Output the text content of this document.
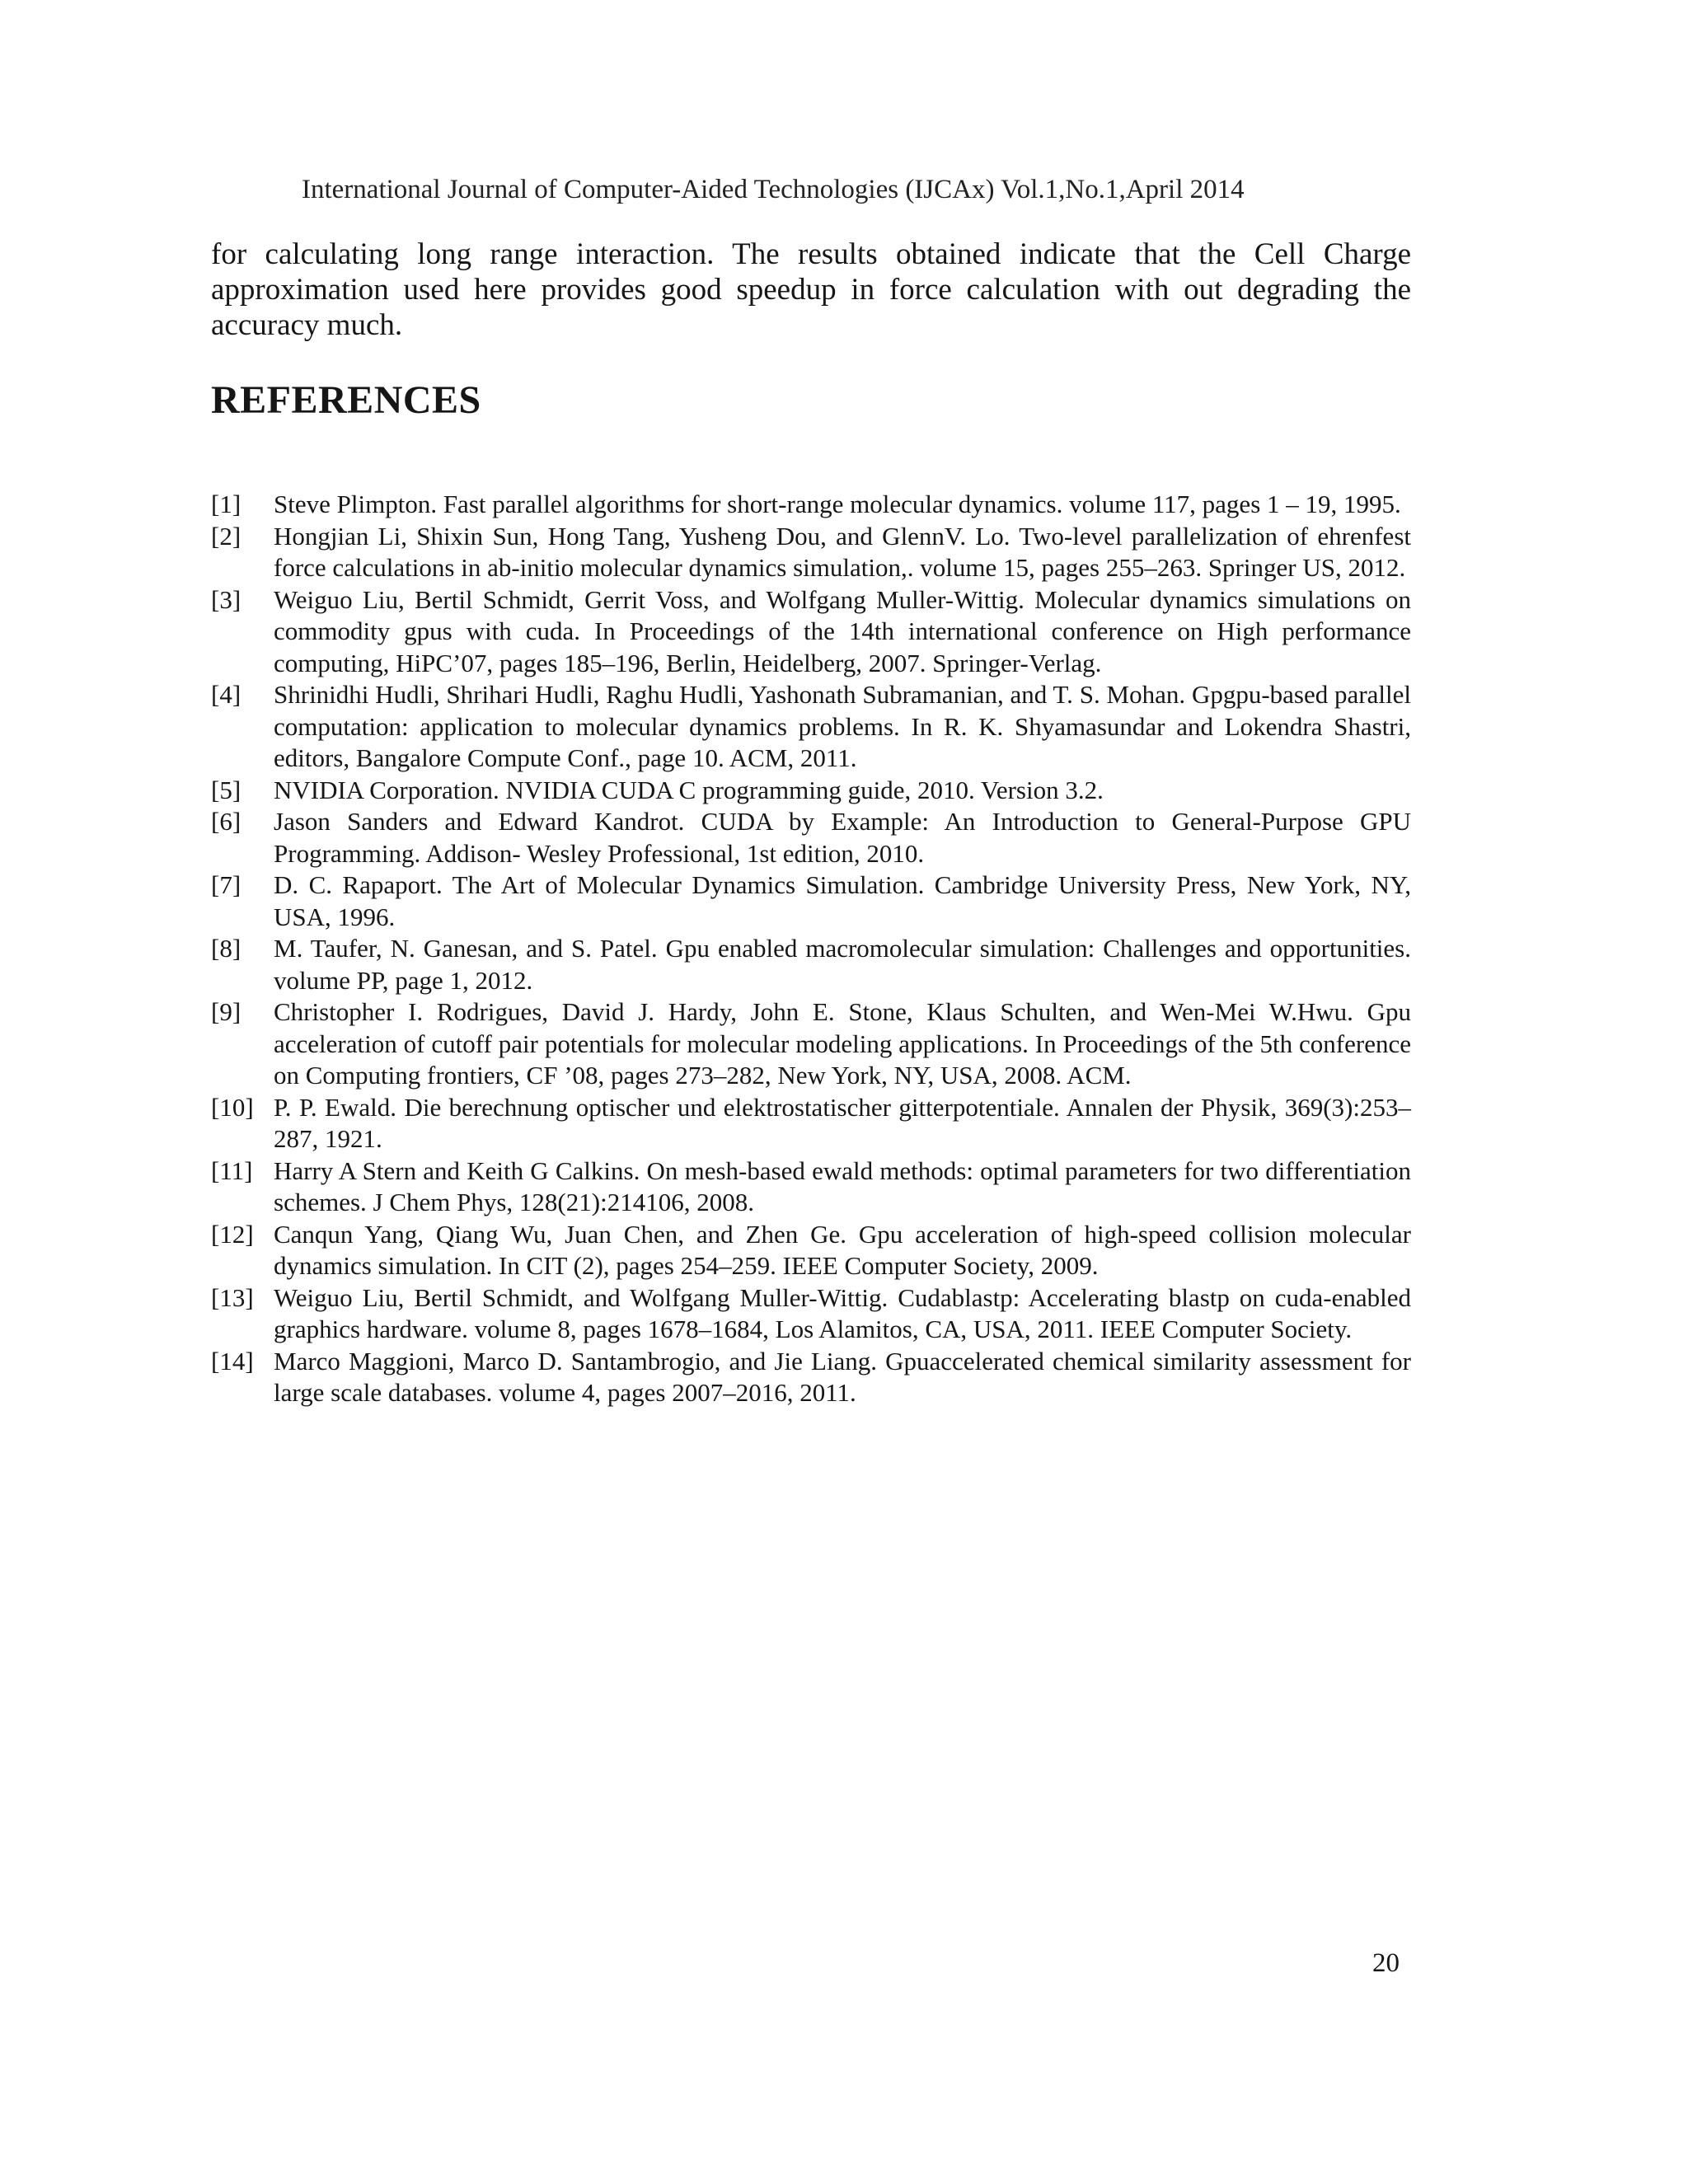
International Journal of Computer-Aided Technologies (IJCAx) Vol.1,No.1,April 2014

for calculating long range interaction. The results obtained indicate that the Cell Charge approximation used here provides good speedup in force calculation with out degrading the accuracy much.

REFERENCES
[1]	Steve Plimpton. Fast parallel algorithms for short-range molecular dynamics. volume 117, pages 1 – 19, 1995.
[2]	Hongjian Li, Shixin Sun, Hong Tang, Yusheng Dou, and GlennV. Lo. Two-level parallelization of ehrenfest force calculations in ab-initio molecular dynamics simulation,. volume 15, pages 255–263. Springer US, 2012.
[3]	Weiguo Liu, Bertil Schmidt, Gerrit Voss, and Wolfgang Muller-Wittig. Molecular dynamics simulations on commodity gpus with cuda. In Proceedings of the 14th international conference on High performance computing, HiPC’07, pages 185–196, Berlin, Heidelberg, 2007. Springer-Verlag.
[4]	Shrinidhi Hudli, Shrihari Hudli, Raghu Hudli, Yashonath Subramanian, and T. S. Mohan. Gpgpu-based parallel computation: application to molecular dynamics problems. In R. K. Shyamasundar and Lokendra Shastri, editors, Bangalore Compute Conf., page 10. ACM, 2011.
[5]	NVIDIA Corporation. NVIDIA CUDA C programming guide, 2010. Version 3.2.
[6]	Jason Sanders and Edward Kandrot. CUDA by Example: An Introduction to General-Purpose GPU Programming. Addison- Wesley Professional, 1st edition, 2010.
[7]	D. C. Rapaport. The Art of Molecular Dynamics Simulation. Cambridge University Press, New York, NY, USA, 1996.
[8]	M. Taufer, N. Ganesan, and S. Patel. Gpu enabled macromolecular simulation: Challenges and opportunities. volume PP, page 1, 2012.
[9]	Christopher I. Rodrigues, David J. Hardy, John E. Stone, Klaus Schulten, and Wen-Mei W.Hwu. Gpu acceleration of cutoff pair potentials for molecular modeling applications. In Proceedings of the 5th conference on Computing frontiers, CF ’08, pages 273–282, New York, NY, USA, 2008. ACM.
[10] P. P. Ewald. Die berechnung optischer und elektrostatischer gitterpotentiale. Annalen der Physik, 369(3):253–287, 1921.
[11] Harry A Stern and Keith G Calkins. On mesh-based ewald methods: optimal parameters for two differentiation schemes. J Chem Phys, 128(21):214106, 2008.
[12] Canqun Yang, Qiang Wu, Juan Chen, and Zhen Ge. Gpu acceleration of high-speed collision molecular dynamics simulation. In CIT (2), pages 254–259. IEEE Computer Society, 2009.
[13] Weiguo Liu, Bertil Schmidt, and Wolfgang Muller-Wittig. Cudablastp: Accelerating blastp on cuda-enabled graphics hardware. volume 8, pages 1678–1684, Los Alamitos, CA, USA, 2011. IEEE Computer Society.
[14] Marco Maggioni, Marco D. Santambrogio, and Jie Liang. Gpuaccelerated chemical similarity assessment for large scale databases. volume 4, pages 2007–2016, 2011.
20
